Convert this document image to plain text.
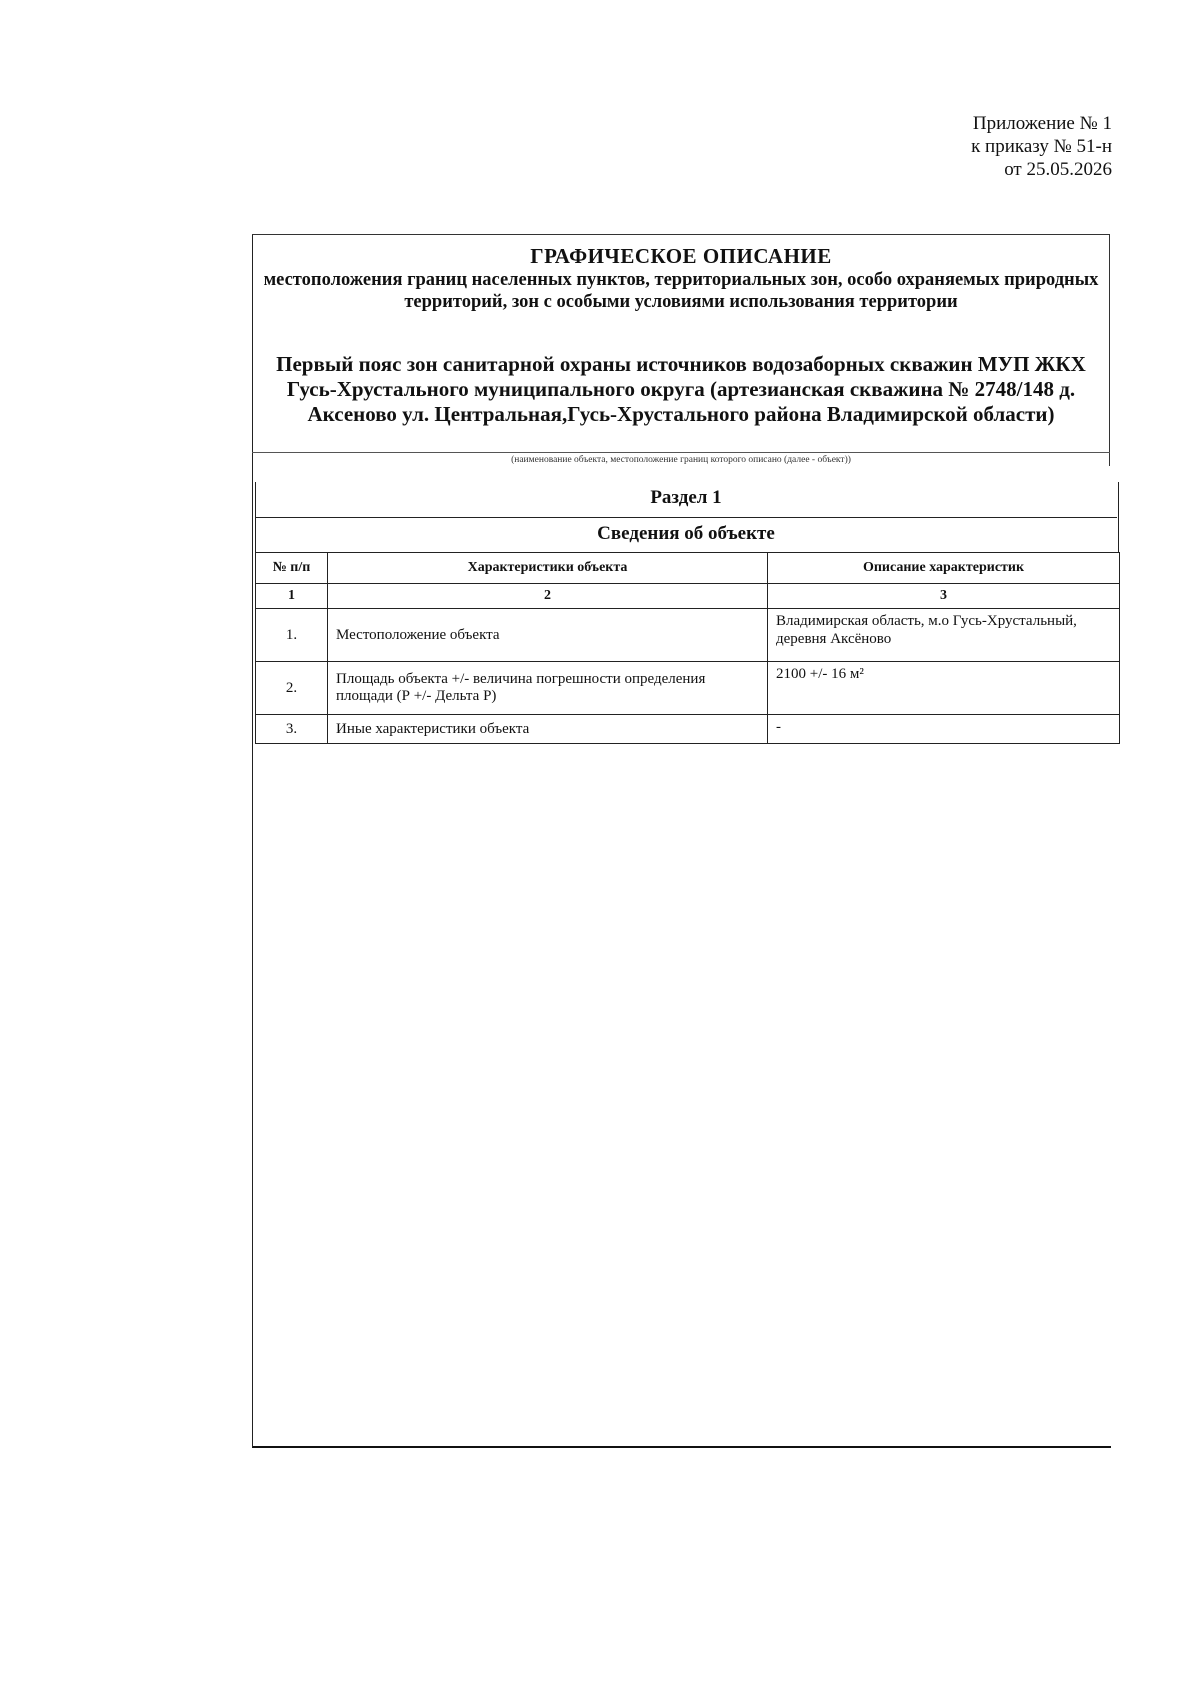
Приложение № 1
к приказу № 51-н
от 25.05.2026
ГРАФИЧЕСКОЕ ОПИСАНИЕ
местоположения границ населенных пунктов, территориальных зон, особо охраняемых природных территорий, зон с особыми условиями использования территории
Первый пояс зон санитарной охраны источников водозаборных скважин МУП ЖКХ Гусь-Хрустального муниципального округа (артезианская скважина № 2748/148 д. Аксеново ул. Центральная,Гусь-Хрустального района Владимирской области)
(наименование объекта, местоположение границ которого описано (далее - объект))
Раздел 1
Сведения об объекте
№ п/п	Характеристики объекта	Описание характеристик
1	2	3
1.	Местоположение объекта	Владимирская область, м.о Гусь-Хрустальный, деревня Аксёново
2.	Площадь объекта +/- величина погрешности определения площади (Р +/- Дельта Р)	2100 +/- 16 м²
3.	Иные характеристики объекта	-
